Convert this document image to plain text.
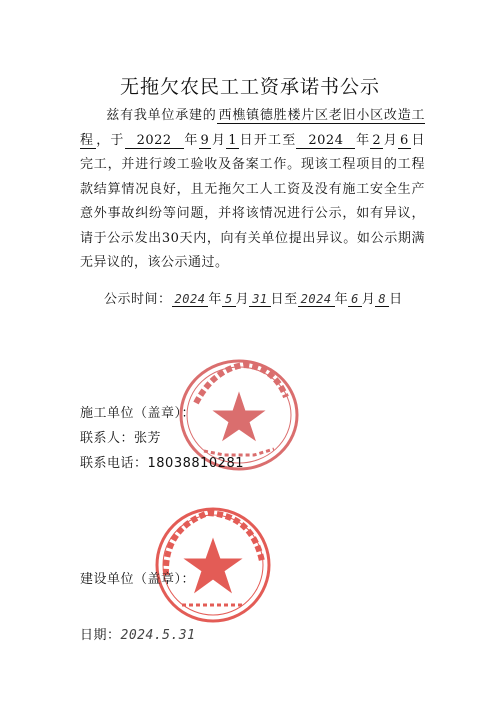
无拖欠农民工工资承诺书公示

兹有我单位承建的 西樵镇德胜楼片区老旧小区改造工程 ，于 2022 年 9 月 1 日开工至 2024 年 2 月 6 日完工，并进行竣工验收及备案工作。现该工程项目的工程款结算情况良好，且无拖欠工人工资及没有施工安全生产意外事故纠纷等问题，并将该情况进行公示，如有异议，请于公示发出30天内，向有关单位提出异议。如公示期满无异议的，该公示通过。

公示时间： 2024 年 5 月 31 日至 2024 年 6 月 8 日
施工单位（盖章）：
联系人：张芳
联系电话：18038810281
建设单位（盖章）：
日期：2024.5.31
